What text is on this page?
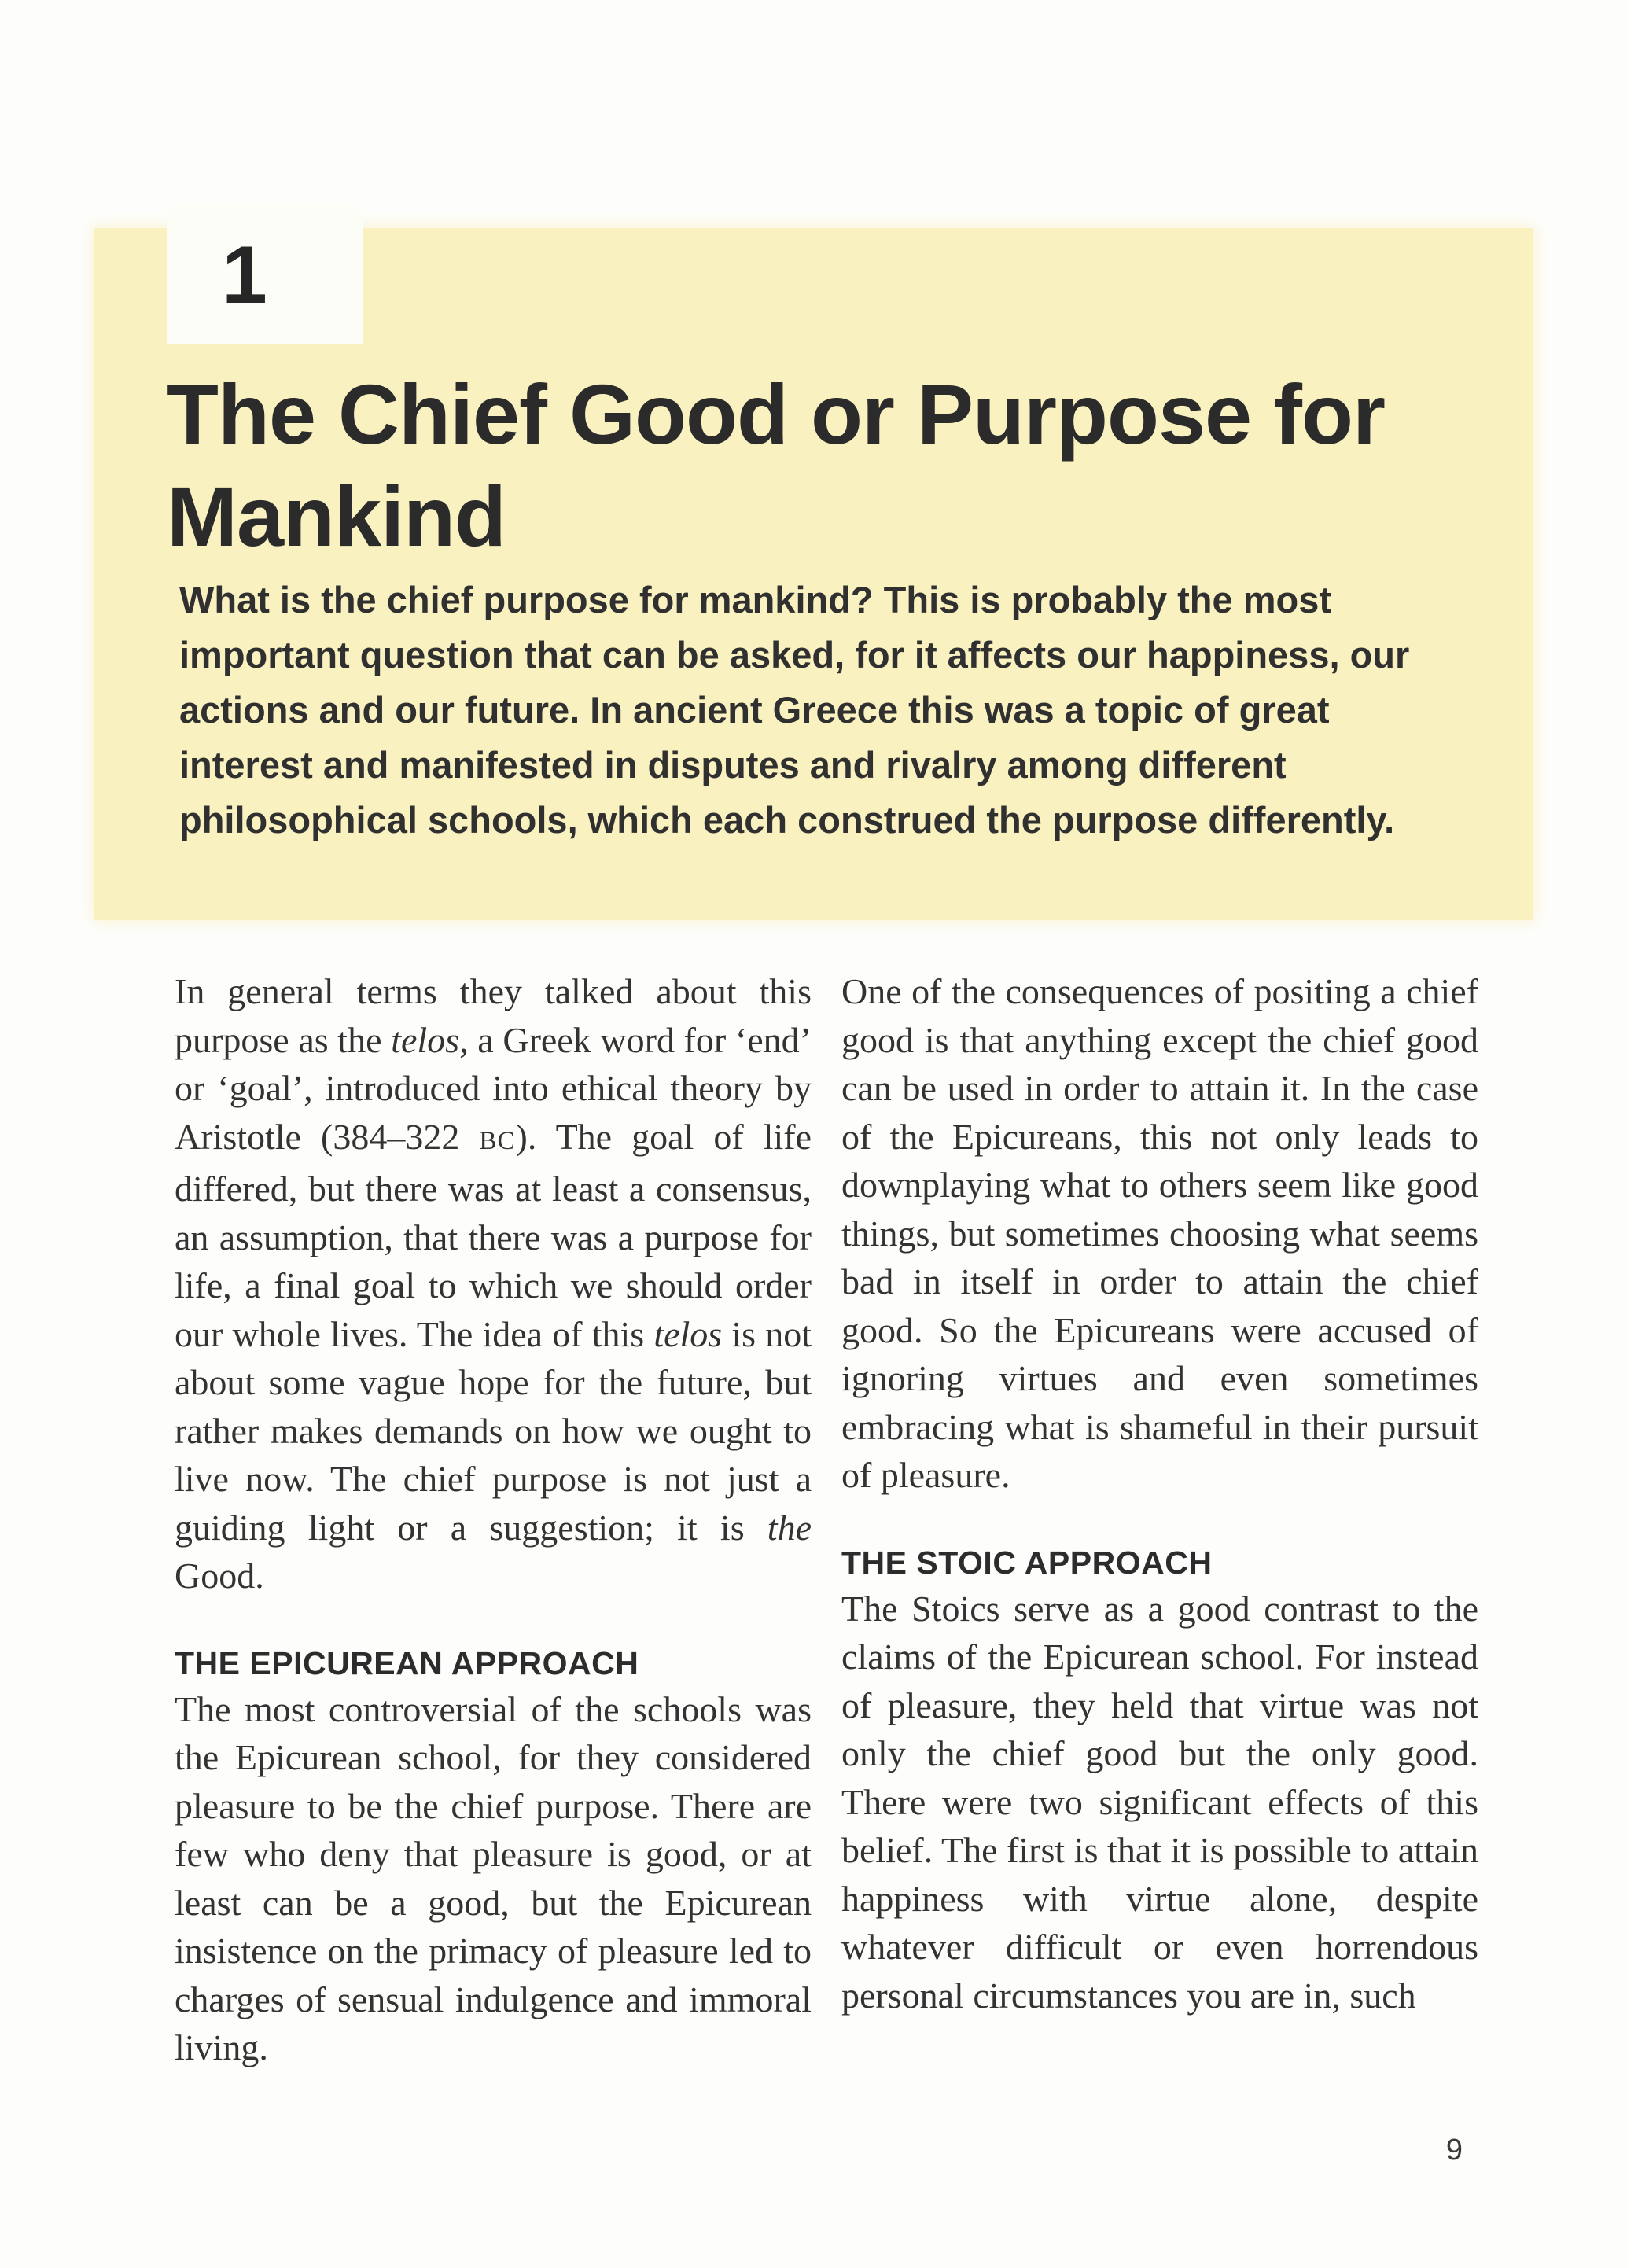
1

The Chief Good or Purpose for Mankind

What is the chief purpose for mankind? This is probably the most important question that can be asked, for it affects our happiness, our actions and our future. In ancient Greece this was a topic of great interest and manifested in disputes and rivalry among different philosophical schools, which each construed the purpose differently.

In general terms they talked about this purpose as the telos, a Greek word for ‘end’ or ‘goal’, introduced into ethical theory by Aristotle (384–322 BC). The goal of life differed, but there was at least a consensus, an assumption, that there was a purpose for life, a final goal to which we should order our whole lives. The idea of this telos is not about some vague hope for the future, but rather makes demands on how we ought to live now. The chief purpose is not just a guiding light or a suggestion; it is the Good.

THE EPICUREAN APPROACH

The most controversial of the schools was the Epicurean school, for they considered pleasure to be the chief purpose. There are few who deny that pleasure is good, or at least can be a good, but the Epicurean insistence on the primacy of pleasure led to charges of sensual indulgence and immoral living.

One of the consequences of positing a chief good is that anything except the chief good can be used in order to attain it. In the case of the Epicureans, this not only leads to downplaying what to others seem like good things, but sometimes choosing what seems bad in itself in order to attain the chief good. So the Epicureans were accused of ignoring virtues and even sometimes embracing what is shameful in their pursuit of pleasure.

THE STOIC APPROACH

The Stoics serve as a good contrast to the claims of the Epicurean school. For instead of pleasure, they held that virtue was not only the chief good but the only good. There were two significant effects of this belief. The first is that it is possible to attain happiness with virtue alone, despite whatever difficult or even horrendous personal circumstances you are in, such

9
